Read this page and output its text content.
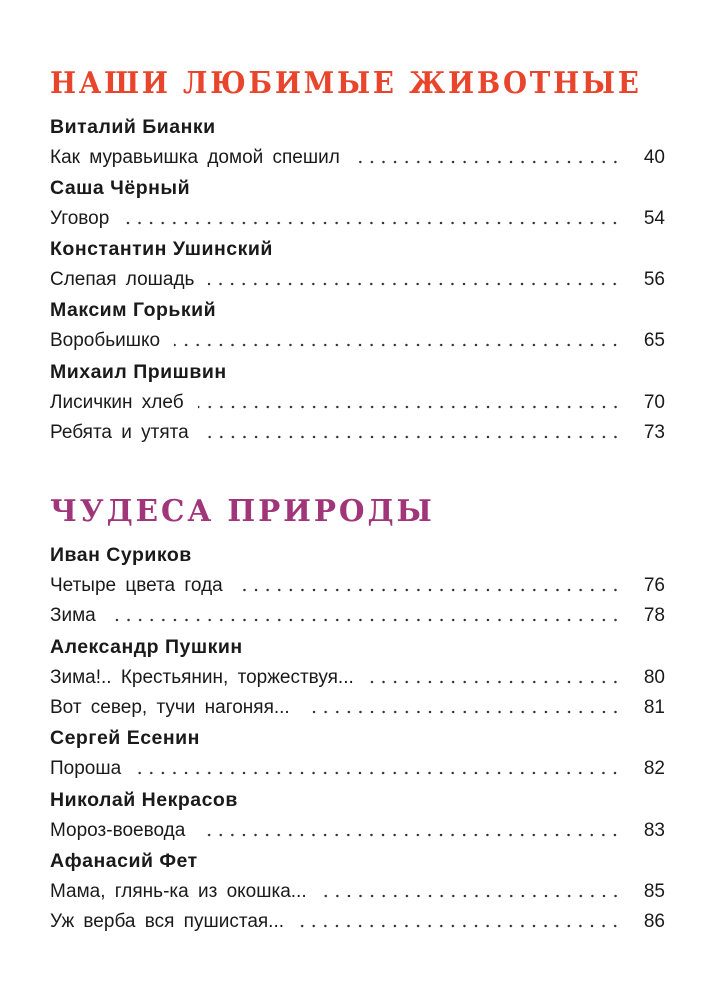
НАШИ ЛЮБИМЫЕ ЖИВОТНЫЕ
Виталий Бианки
Как муравьишка домой спешил	40
Саша Чёрный
Уговор	54
Константин Ушинский
Слепая лошадь	56
Максим Горький
Воробьишко	65
Михаил Пришвин
Лисичкин хлеб	70
Ребята и утята	73
ЧУДЕСА ПРИРОДЫ
Иван Суриков
Четыре цвета года	76
Зима	78
Александр Пушкин
Зима!.. Крестьянин, торжествуя...	80
Вот север, тучи нагоняя...	81
Сергей Есенин
Пороша	82
Николай Некрасов
Мороз-воевода	83
Афанасий Фет
Мама, глянь-ка из окошка...	85
Уж верба вся пушистая...	86
